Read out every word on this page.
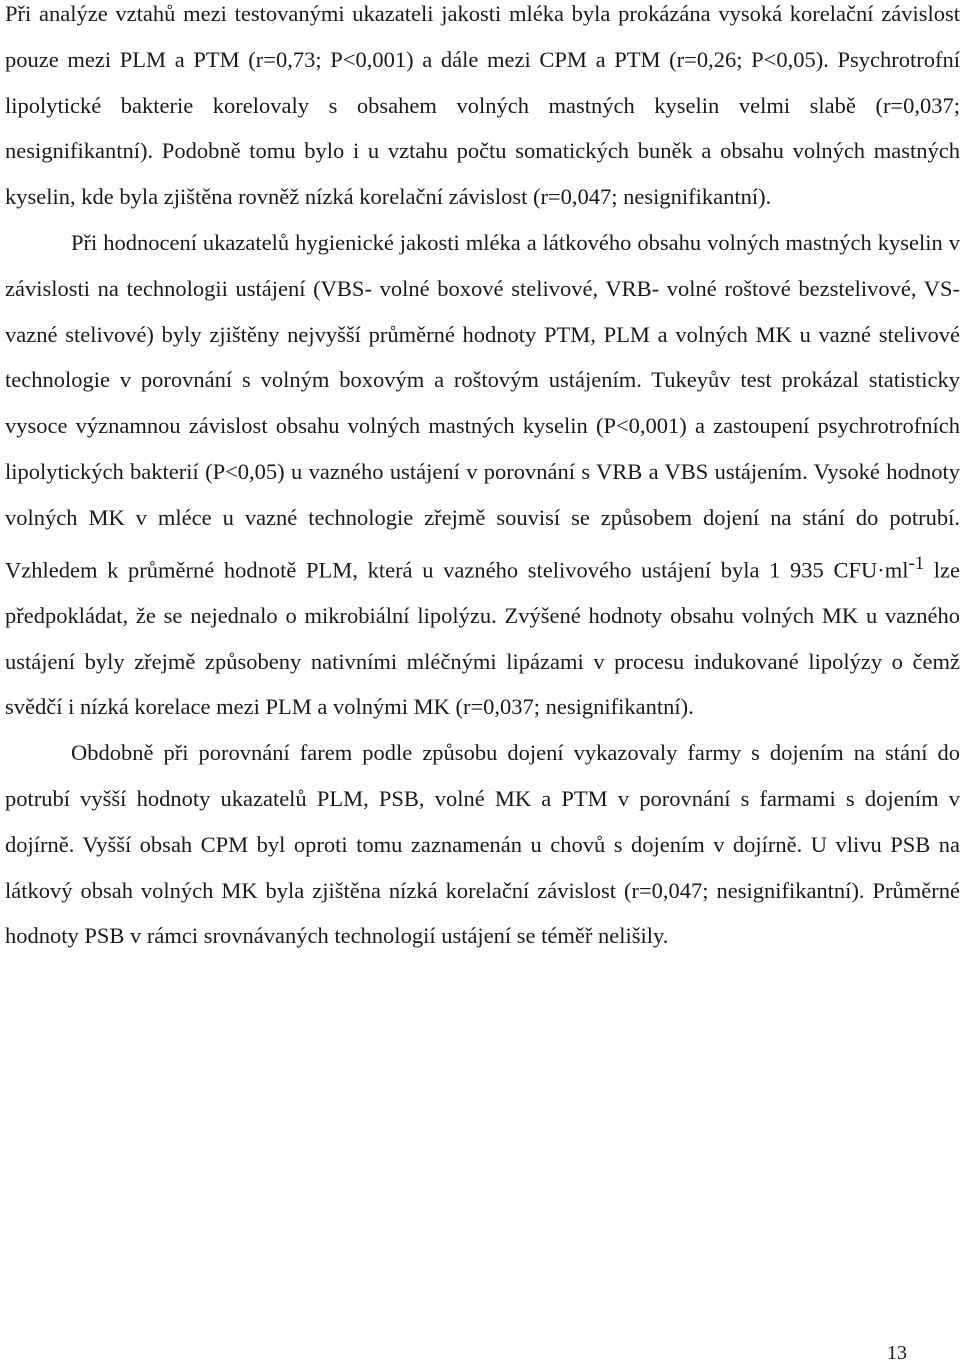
Při analýze vztahů mezi testovanými ukazateli jakosti mléka byla prokázána vysoká korelační závislost pouze mezi PLM a PTM (r=0,73; P<0,001) a dále mezi CPM a PTM (r=0,26; P<0,05). Psychrotrofní lipolytické bakterie korelovaly s obsahem volných mastných kyselin velmi slabě (r=0,037; nesignifikantní). Podobně tomu bylo i u vztahu počtu somatických buněk a obsahu volných mastných kyselin, kde byla zjištěna rovněž nízká korelační závislost (r=0,047; nesignifikantní).

Při hodnocení ukazatelů hygienické jakosti mléka a látkového obsahu volných mastných kyselin v závislosti na technologii ustájení (VBS- volné boxové stelivové, VRB- volné roštové bezstelivové, VS-vazné stelivové) byly zjištěny nejvyšší průměrné hodnoty PTM, PLM a volných MK u vazné stelivové technologie v porovnání s volným boxovým a roštovým ustájením. Tukeyův test prokázal statisticky vysoce významnou závislost obsahu volných mastných kyselin (P<0,001) a zastoupení psychrotrofních lipolytických bakterií (P<0,05) u vazného ustájení v porovnání s VRB a VBS ustájením. Vysoké hodnoty volných MK v mléce u vazné technologie zřejmě souvisí se způsobem dojení na stání do potrubí. Vzhledem k průměrné hodnotě PLM, která u vazného stelivového ustájení byla 1 935 $CFU\cdot ml^{-1}$ lze předpokládat, že se nejednalo o mikrobiální lipolýzu. Zvýšené hodnoty obsahu volných MK u vazného ustájení byly zřejmě způsobeny nativními mléčnými lipázami v procesu indukované lipolýzy o čemž svědčí i nízká korelace mezi PLM a volnými MK (r=0,037; nesignifikantní).

Obdobně při porovnání farem podle způsobu dojení vykazovaly farmy s dojením na stání do potrubí vyšší hodnoty ukazatelů PLM, PSB, volné MK a PTM v porovnání s farmami s dojením v dojírně. Vyšší obsah CPM byl oproti tomu zaznamenán u chovů s dojením v dojírně. U vlivu PSB na látkový obsah volných MK byla zjištěna nízká korelační závislost (r=0,047; nesignifikantní). Průměrné hodnoty PSB v rámci srovnávaných technologií ustájení se téměř nelišily.

13
